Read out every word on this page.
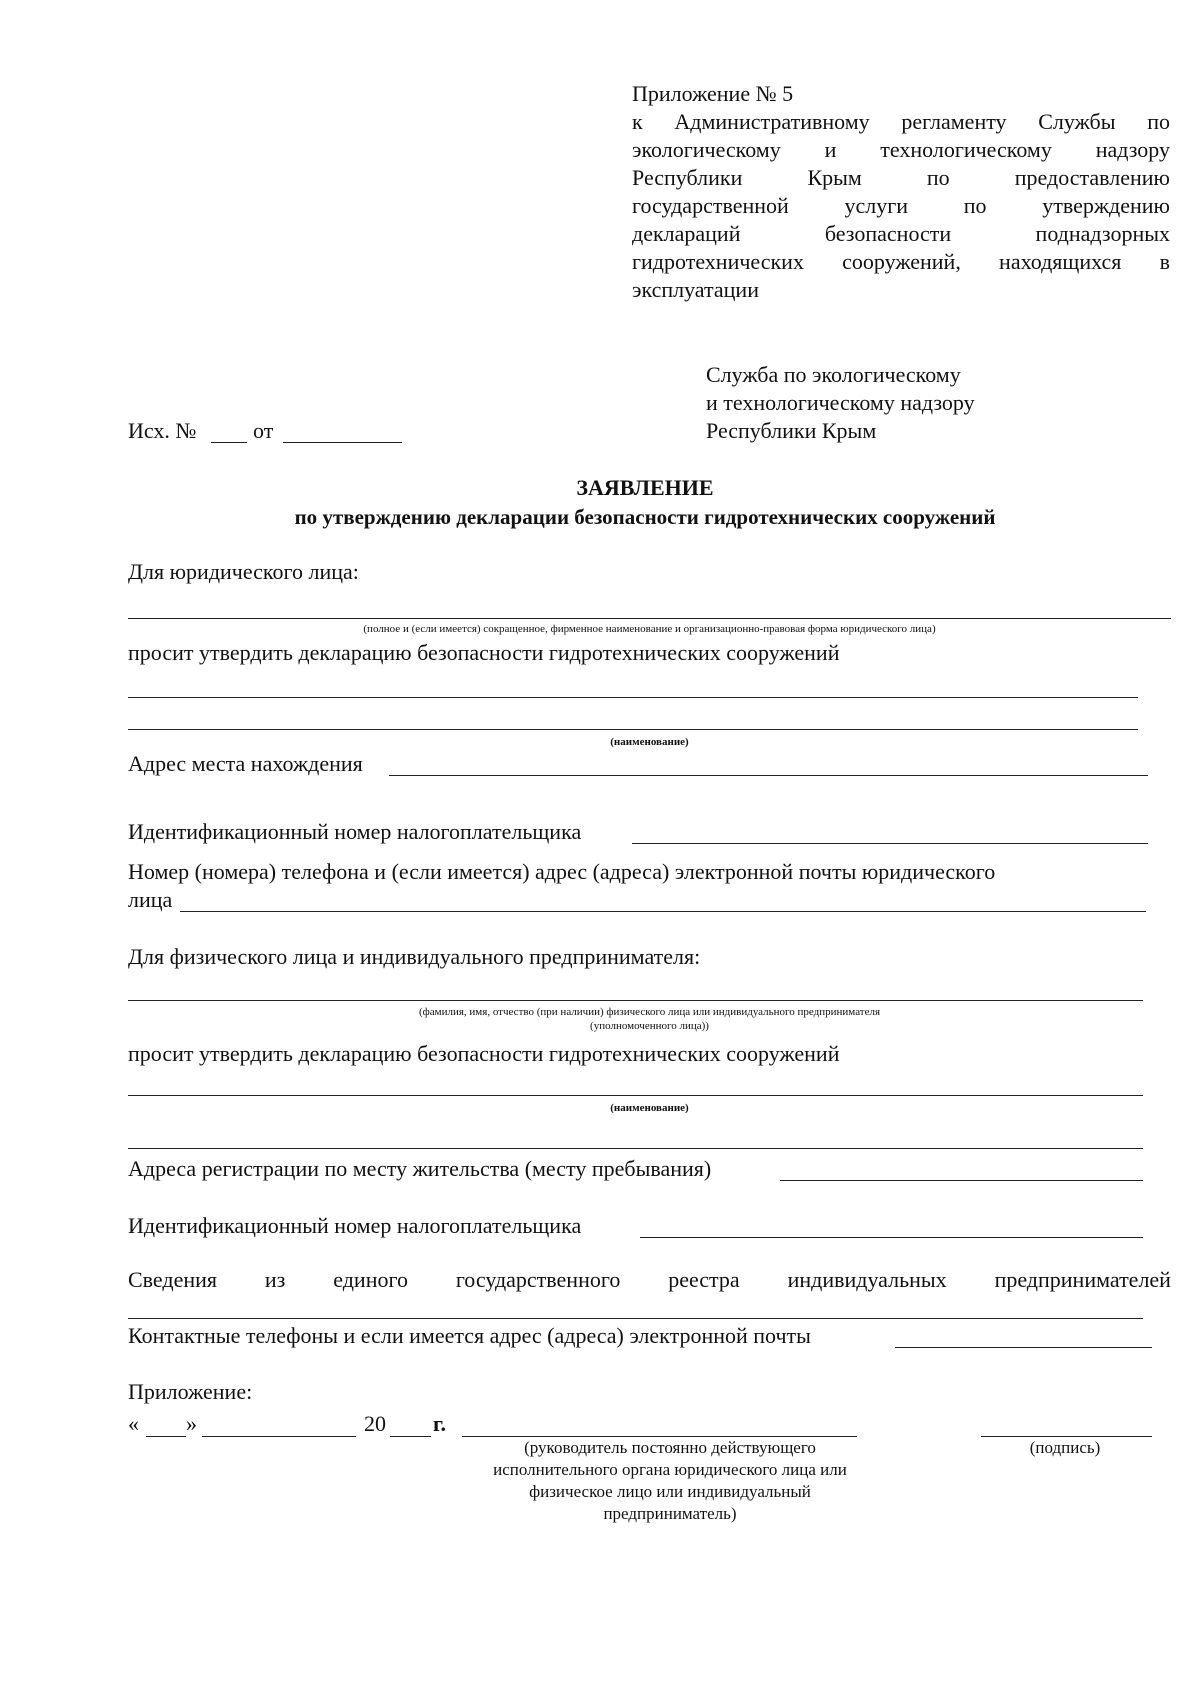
Приложение № 5
к Административному регламенту Службы по
экологическому и технологическому надзору
Республики Крым по предоставлению
государственной услуги по утверждению
деклараций безопасности поднадзорных
гидротехнических сооружений, находящихся в
эксплуатации
Служба по экологическому
и технологическому надзору
Республики Крым
Исх. №	от
ЗАЯВЛЕНИЕ
по утверждению декларации безопасности гидротехнических сооружений
Для юридического лица:
(полное и (если имеется) сокращенное, фирменное наименование и организационно-правовая форма юридического лица)
просит утвердить декларацию безопасности гидротехнических сооружений
(наименование)
Адрес места нахождения
Идентификационный номер налогоплательщика
Номер (номера) телефона и (если имеется) адрес (адреса) электронной почты юридического
лица
Для физического лица и индивидуального предпринимателя:
(фамилия, имя, отчество (при наличии) физического лица или индивидуального предпринимателя
(уполномоченного лица))
просит утвердить декларацию безопасности гидротехнических сооружений
(наименование)
Адреса регистрации по месту жительства (месту пребывания)
Идентификационный номер налогоплательщика
Сведения из единого государственного реестра индивидуальных предпринимателей
Контактные телефоны и если имеется адрес (адреса) электронной почты
Приложение:
« »	20 г.
(руководитель постоянно действующего
исполнительного органа юридического лица или
физическое лицо или индивидуальный
предприниматель)
(подпись)
